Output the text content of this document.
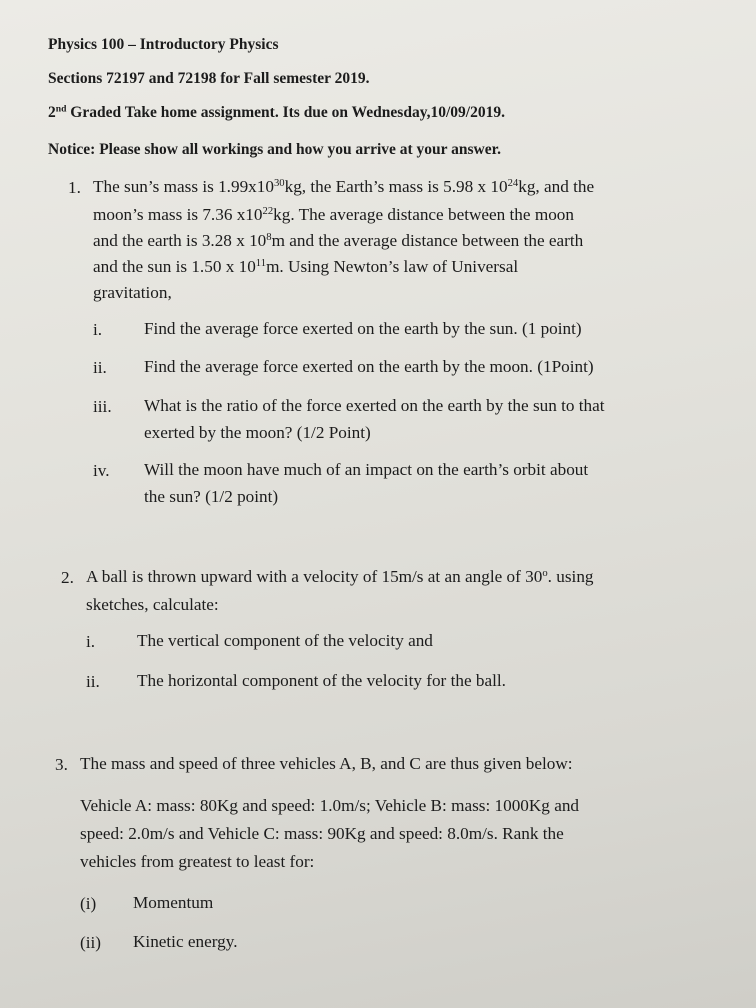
Physics 100 – Introductory Physics
Sections 72197 and 72198 for Fall semester 2019.
2nd Graded Take home assignment. Its due on Wednesday,10/09/2019.
Notice: Please show all workings and how you arrive at your answer.
1. The sun’s mass is $1.99x10^{30}kg$, the Earth’s mass is 5.98 x $10^{24}kg$, and the
moon’s mass is 7.36 $x10^{22}kg$. The average distance between the moon
and the earth is 3.28 x $10^8m$ and the average distance between the earth
and the sun is 1.50 x $10^{11}m$. Using Newton’s law of Universal
gravitation,
i. Find the average force exerted on the earth by the sun. (1 point)
ii. Find the average force exerted on the earth by the moon. (1Point)
iii. What is the ratio of the force exerted on the earth by the sun to that
exerted by the moon? (1/2 Point)
iv. Will the moon have much of an impact on the earth’s orbit about
the sun? (1/2 point)
2. A ball is thrown upward with a velocity of 15m/s at an angle of 30$^o$. using
sketches, calculate:
i. The vertical component of the velocity and
ii. The horizontal component of the velocity for the ball.
3. The mass and speed of three vehicles A, B, and C are thus given below:
Vehicle A: mass: 80Kg and speed: 1.0m/s; Vehicle B: mass: 1000Kg and
speed: 2.0m/s and Vehicle C: mass: 90Kg and speed: 8.0m/s. Rank the
vehicles from greatest to least for:
(i) Momentum
(ii) Kinetic energy.
